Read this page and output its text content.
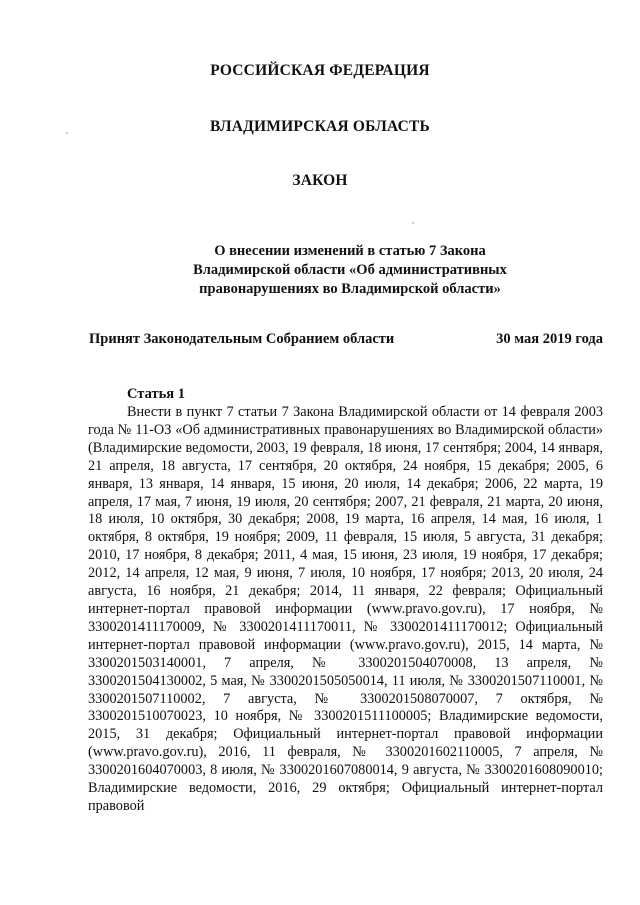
РОССИЙСКАЯ ФЕДЕРАЦИЯ
ВЛАДИМИРСКАЯ ОБЛАСТЬ
ЗАКОН
О внесении изменений в статью 7 Закона
Владимирской области «Об административных
правонарушениях во Владимирской области»
Принят Законодательным Собранием области	30 мая 2019 года
Статья 1

Внести в пункт 7 статьи 7 Закона Владимирской области от 14 февраля 2003 года № 11-ОЗ «Об административных правонарушениях во Владимирской области» (Владимирские ведомости, 2003, 19 февраля, 18 июня, 17 сентября; 2004, 14 января, 21 апреля, 18 августа, 17 сентября, 20 октября, 24 ноября, 15 декабря; 2005, 6 января, 13 января, 14 января, 15 июня, 20 июля, 14 декабря; 2006, 22 марта, 19 апреля, 17 мая, 7 июня, 19 июля, 20 сентября; 2007, 21 февраля, 21 марта, 20 июня, 18 июля, 10 октября, 30 декабря; 2008, 19 марта, 16 апреля, 14 мая, 16 июля, 1 октября, 8 октября, 19 ноября; 2009, 11 февраля, 15 июля, 5 августа, 31 декабря; 2010, 17 ноября, 8 декабря; 2011, 4 мая, 15 июня, 23 июля, 19 ноября, 17 декабря; 2012, 14 апреля, 12 мая, 9 июня, 7 июля, 10 ноября, 17 ноября; 2013, 20 июля, 24 августа, 16 ноября, 21 декабря; 2014, 11 января, 22 февраля; Официальный интернет-портал правовой информации (www.pravo.gov.ru), 17 ноября, № 3300201411170009, № 3300201411170011, № 3300201411170012; Официальный интернет-портал правовой информации (www.pravo.gov.ru), 2015, 14 марта, № 3300201503140001, 7 апреля, № 3300201504070008, 13 апреля, № 3300201504130002, 5 мая, № 3300201505050014, 11 июля, № 3300201507110001, № 3300201507110002, 7 августа, № 3300201508070007, 7 октября, № 3300201510070023, 10 ноября, № 3300201511100005; Владимирские ведомости, 2015, 31 декабря; Официальный интернет-портал правовой информации (www.pravo.gov.ru), 2016, 11 февраля, № 3300201602110005, 7 апреля, № 3300201604070003, 8 июля, № 3300201607080014, 9 августа, № 3300201608090010; Владимирские ведомости, 2016, 29 октября; Официальный интернет-портал правовой
